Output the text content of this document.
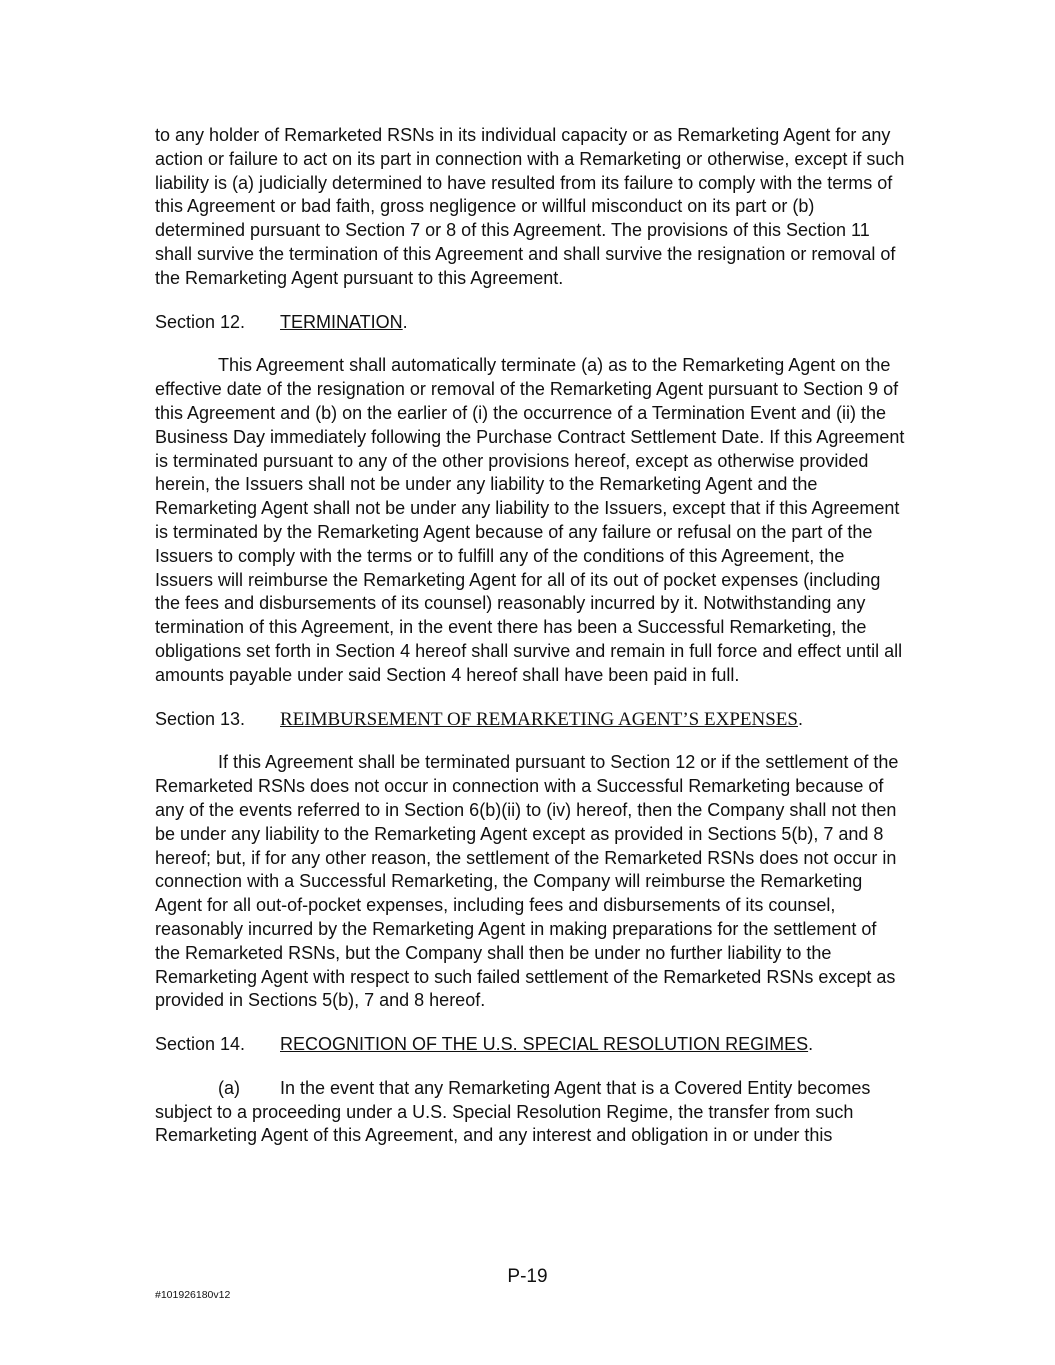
to any holder of Remarketed RSNs in its individual capacity or as Remarketing Agent for any action or failure to act on its part in connection with a Remarketing or otherwise, except if such liability is (a) judicially determined to have resulted from its failure to comply with the terms of this Agreement or bad faith, gross negligence or willful misconduct on its part or (b) determined pursuant to Section 7 or 8 of this Agreement. The provisions of this Section 11 shall survive the termination of this Agreement and shall survive the resignation or removal of the Remarketing Agent pursuant to this Agreement.

Section 12. TERMINATION.

This Agreement shall automatically terminate (a) as to the Remarketing Agent on the effective date of the resignation or removal of the Remarketing Agent pursuant to Section 9 of this Agreement and (b) on the earlier of (i) the occurrence of a Termination Event and (ii) the Business Day immediately following the Purchase Contract Settlement Date. If this Agreement is terminated pursuant to any of the other provisions hereof, except as otherwise provided herein, the Issuers shall not be under any liability to the Remarketing Agent and the Remarketing Agent shall not be under any liability to the Issuers, except that if this Agreement is terminated by the Remarketing Agent because of any failure or refusal on the part of the Issuers to comply with the terms or to fulfill any of the conditions of this Agreement, the Issuers will reimburse the Remarketing Agent for all of its out of pocket expenses (including the fees and disbursements of its counsel) reasonably incurred by it. Notwithstanding any termination of this Agreement, in the event there has been a Successful Remarketing, the obligations set forth in Section 4 hereof shall survive and remain in full force and effect until all amounts payable under said Section 4 hereof shall have been paid in full.

Section 13. REIMBURSEMENT OF REMARKETING AGENT’S EXPENSES.

If this Agreement shall be terminated pursuant to Section 12 or if the settlement of the Remarketed RSNs does not occur in connection with a Successful Remarketing because of any of the events referred to in Section 6(b)(ii) to (iv) hereof, then the Company shall not then be under any liability to the Remarketing Agent except as provided in Sections 5(b), 7 and 8 hereof; but, if for any other reason, the settlement of the Remarketed RSNs does not occur in connection with a Successful Remarketing, the Company will reimburse the Remarketing Agent for all out-of-pocket expenses, including fees and disbursements of its counsel, reasonably incurred by the Remarketing Agent in making preparations for the settlement of the Remarketed RSNs, but the Company shall then be under no further liability to the Remarketing Agent with respect to such failed settlement of the Remarketed RSNs except as provided in Sections 5(b), 7 and 8 hereof.

Section 14. RECOGNITION OF THE U.S. SPECIAL RESOLUTION REGIMES.

(a) In the event that any Remarketing Agent that is a Covered Entity becomes subject to a proceeding under a U.S. Special Resolution Regime, the transfer from such Remarketing Agent of this Agreement, and any interest and obligation in or under this

P-19
#101926180v12
